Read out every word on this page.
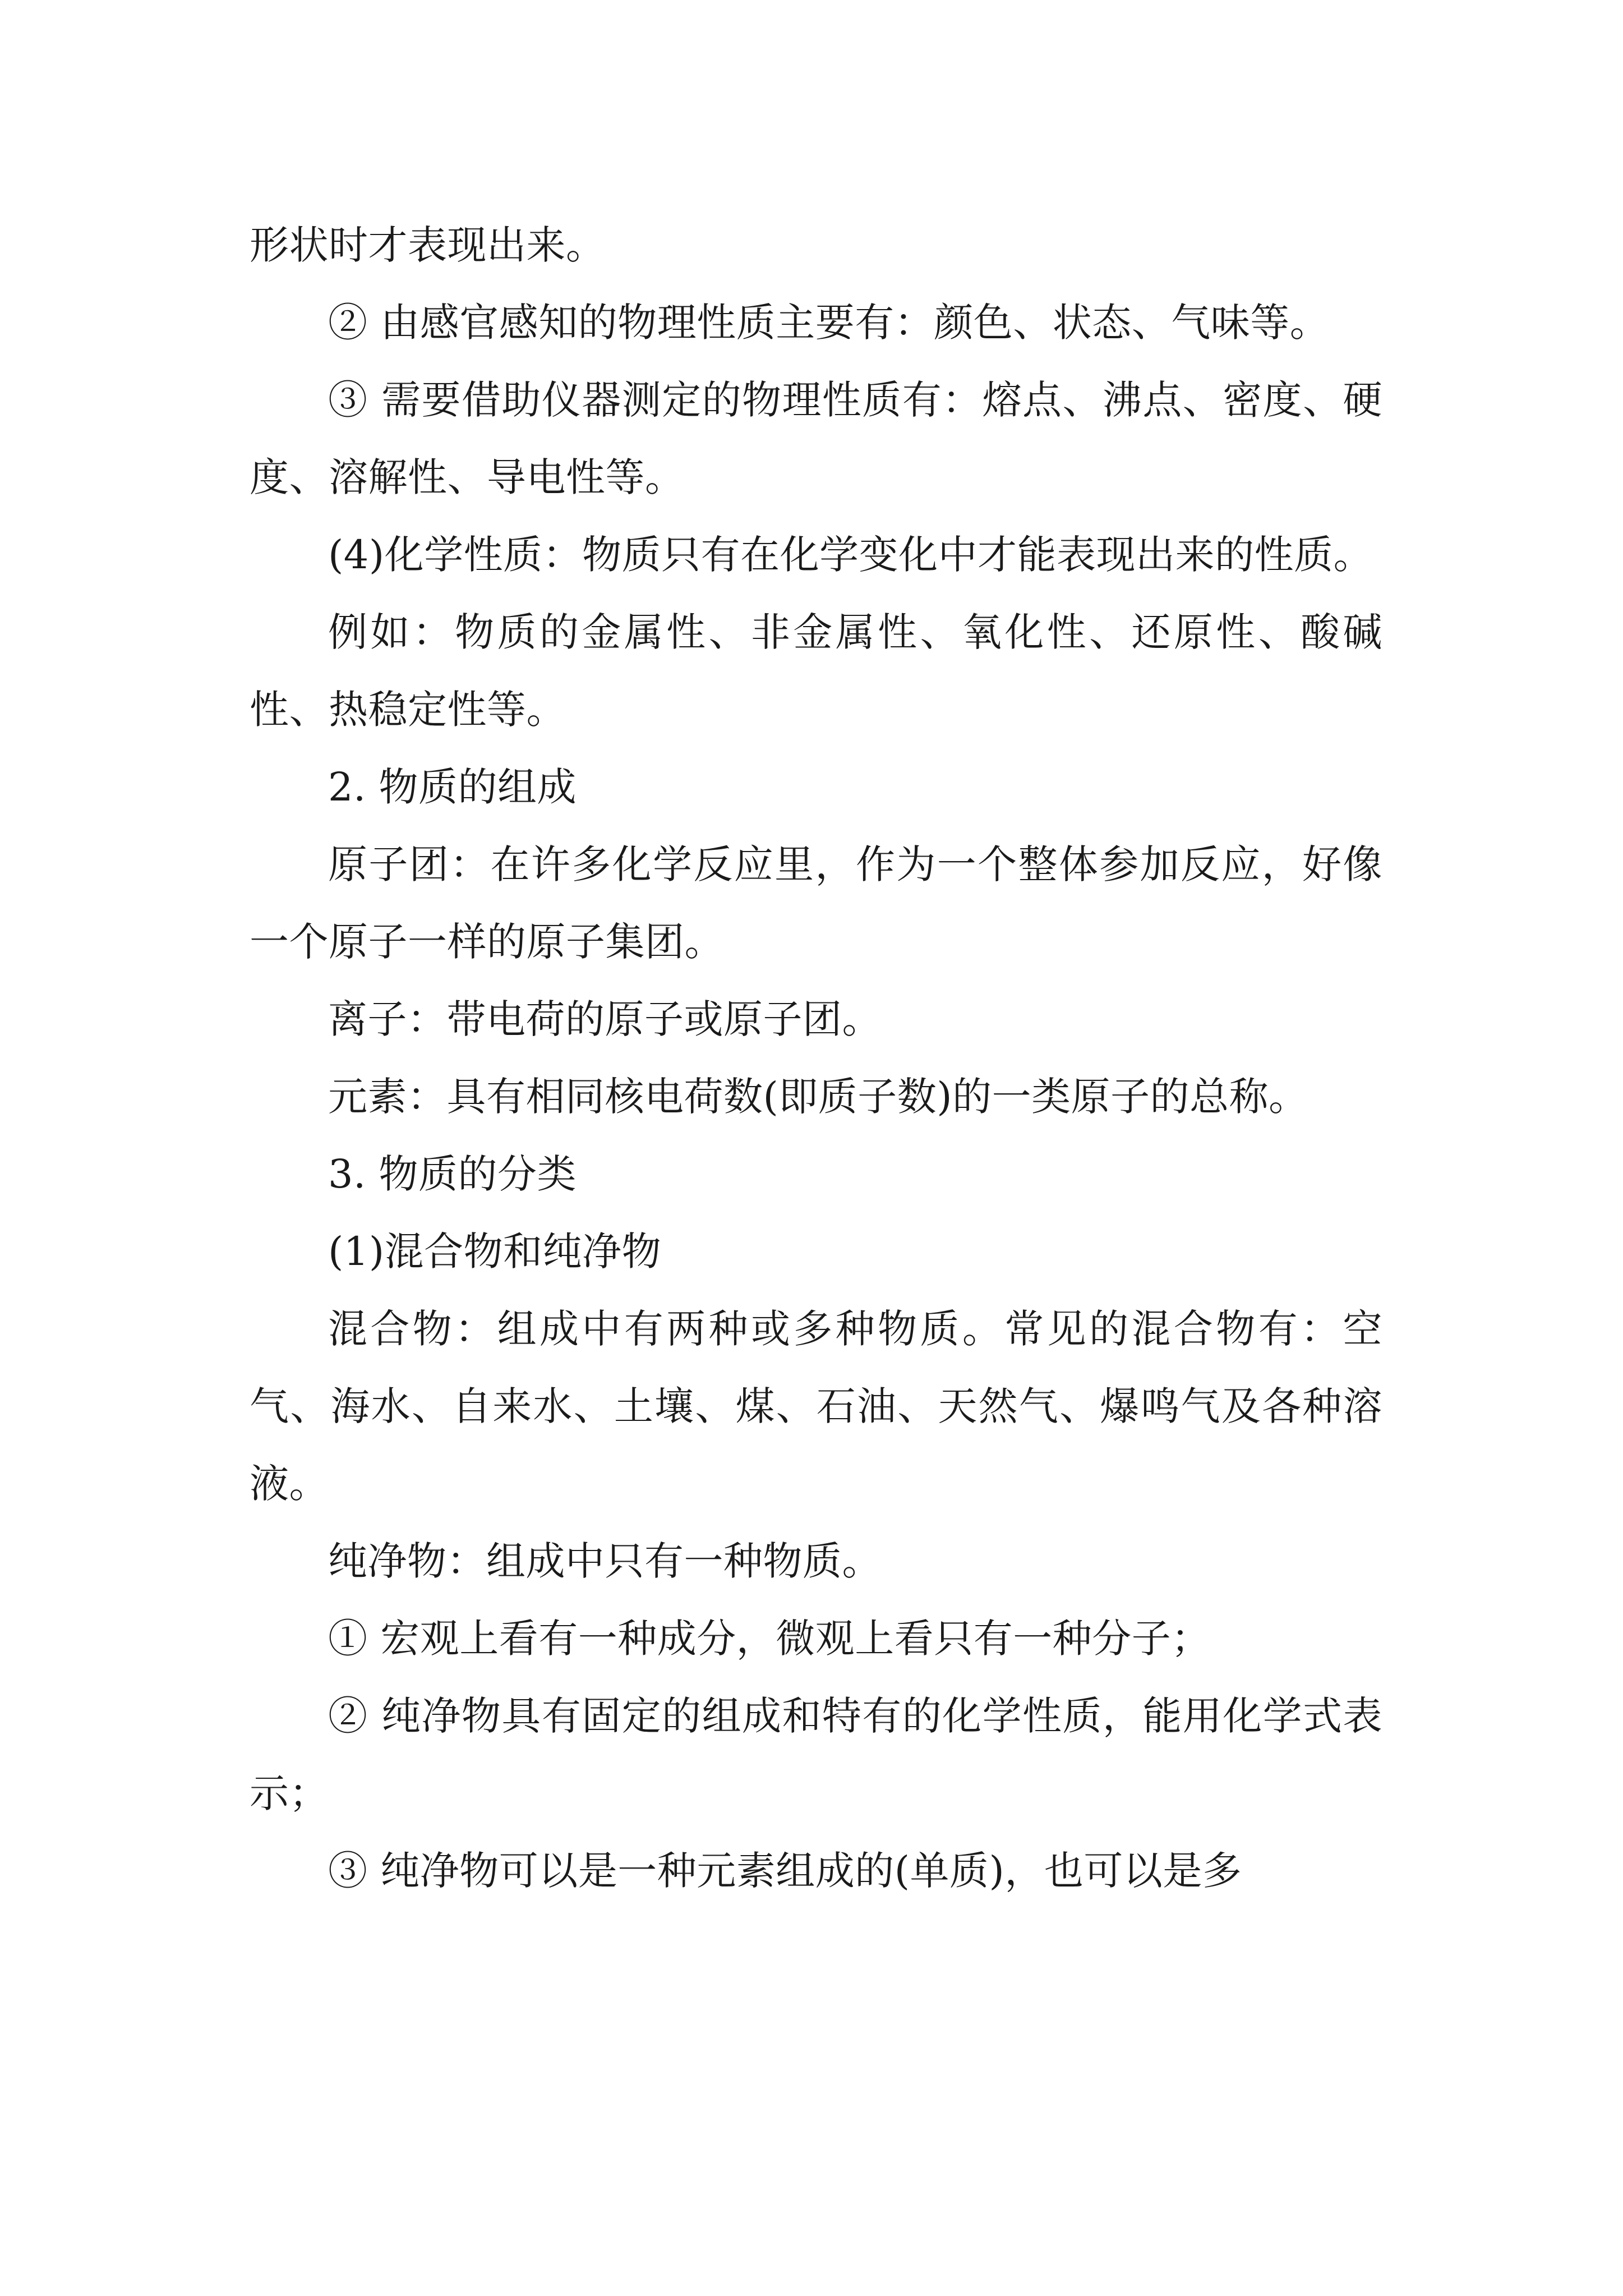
形状时才表现出来。

② 由感官感知的物理性质主要有：颜色、状态、气味等。

③ 需要借助仪器测定的物理性质有：熔点、沸点、密度、硬度、溶解性、导电性等。

(4)化学性质：物质只有在化学变化中才能表现出来的性质。

例如：物质的金属性、非金属性、氧化性、还原性、酸碱性、热稳定性等。

2. 物质的组成

原子团：在许多化学反应里，作为一个整体参加反应，好像一个原子一样的原子集团。

离子：带电荷的原子或原子团。

元素：具有相同核电荷数(即质子数)的一类原子的总称。

3. 物质的分类

(1)混合物和纯净物

混合物：组成中有两种或多种物质。常见的混合物有：空气、海水、自来水、土壤、煤、石油、天然气、爆鸣气及各种溶液。

纯净物：组成中只有一种物质。

① 宏观上看有一种成分，微观上看只有一种分子；

② 纯净物具有固定的组成和特有的化学性质，能用化学式表示；

③ 纯净物可以是一种元素组成的(单质)，也可以是多
